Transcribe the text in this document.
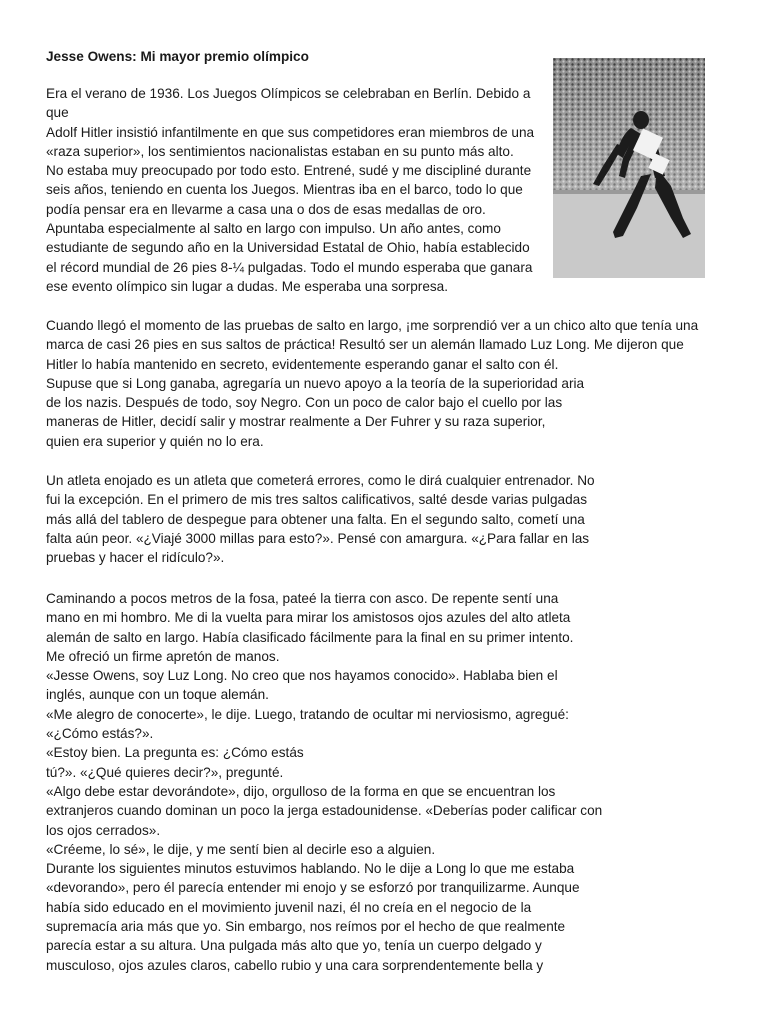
Jesse Owens: Mi mayor premio olímpico
Era el verano de 1936. Los Juegos Olímpicos se celebraban en Berlín. Debido a
que
Adolf Hitler insistió infantilmente en que sus competidores eran miembros de una
«raza superior», los sentimientos nacionalistas estaban en su punto más alto.
No estaba muy preocupado por todo esto. Entrené, sudé y me discipliné durante
seis años, teniendo en cuenta los Juegos. Mientras iba en el barco, todo lo que
podía pensar era en llevarme a casa una o dos de esas medallas de oro.
Apuntaba especialmente al salto en largo con impulso. Un año antes, como
estudiante de segundo año en la Universidad Estatal de Ohio, había establecido
el récord mundial de 26 pies 8-¼ pulgadas. Todo el mundo esperaba que ganara
ese evento olímpico sin lugar a dudas. Me esperaba una sorpresa.
Cuando llegó el momento de las pruebas de salto en largo, ¡me sorprendió ver a un chico alto que tenía una
marca de casi 26 pies en sus saltos de práctica! Resultó ser un alemán llamado Luz Long. Me dijeron que
Hitler lo había mantenido en secreto, evidentemente esperando ganar el salto con él.
Supuse que si Long ganaba, agregaría un nuevo apoyo a la teoría de la superioridad aria
de los nazis. Después de todo, soy Negro. Con un poco de calor bajo el cuello por las
maneras de Hitler, decidí salir y mostrar realmente a Der Fuhrer y su raza superior,
quien era superior y quién no lo era.
Un atleta enojado es un atleta que cometerá errores, como le dirá cualquier entrenador. No
fui la excepción. En el primero de mis tres saltos calificativos, salté desde varias pulgadas
más allá del tablero de despegue para obtener una falta. En el segundo salto, cometí una
falta aún peor. «¿Viajé 3000 millas para esto?». Pensé con amargura. «¿Para fallar en las
pruebas y hacer el ridículo?».
Caminando a pocos metros de la fosa, pateé la tierra con asco. De repente sentí una
mano en mi hombro. Me di la vuelta para mirar los amistosos ojos azules del alto atleta
alemán de salto en largo. Había clasificado fácilmente para la final en su primer intento.
Me ofreció un firme apretón de manos.
«Jesse Owens, soy Luz Long. No creo que nos hayamos conocido». Hablaba bien el
inglés, aunque con un toque alemán.
«Me alegro de conocerte», le dije. Luego, tratando de ocultar mi nerviosismo, agregué:
«¿Cómo estás?».
«Estoy bien. La pregunta es: ¿Cómo estás
tú?». «¿Qué quieres decir?», pregunté.
«Algo debe estar devorándote», dijo, orgulloso de la forma en que se encuentran los
extranjeros cuando dominan un poco la jerga estadounidense. «Deberías poder calificar con
los ojos cerrados».
«Créeme, lo sé», le dije, y me sentí bien al decirle eso a alguien.
Durante los siguientes minutos estuvimos hablando. No le dije a Long lo que me estaba
«devorando», pero él parecía entender mi enojo y se esforzó por tranquilizarme. Aunque
había sido educado en el movimiento juvenil nazi, él no creía en el negocio de la
supremacía aria más que yo. Sin embargo, nos reímos por el hecho de que realmente
parecía estar a su altura. Una pulgada más alto que yo, tenía un cuerpo delgado y
musculoso, ojos azules claros, cabello rubio y una cara sorprendentemente bella y
